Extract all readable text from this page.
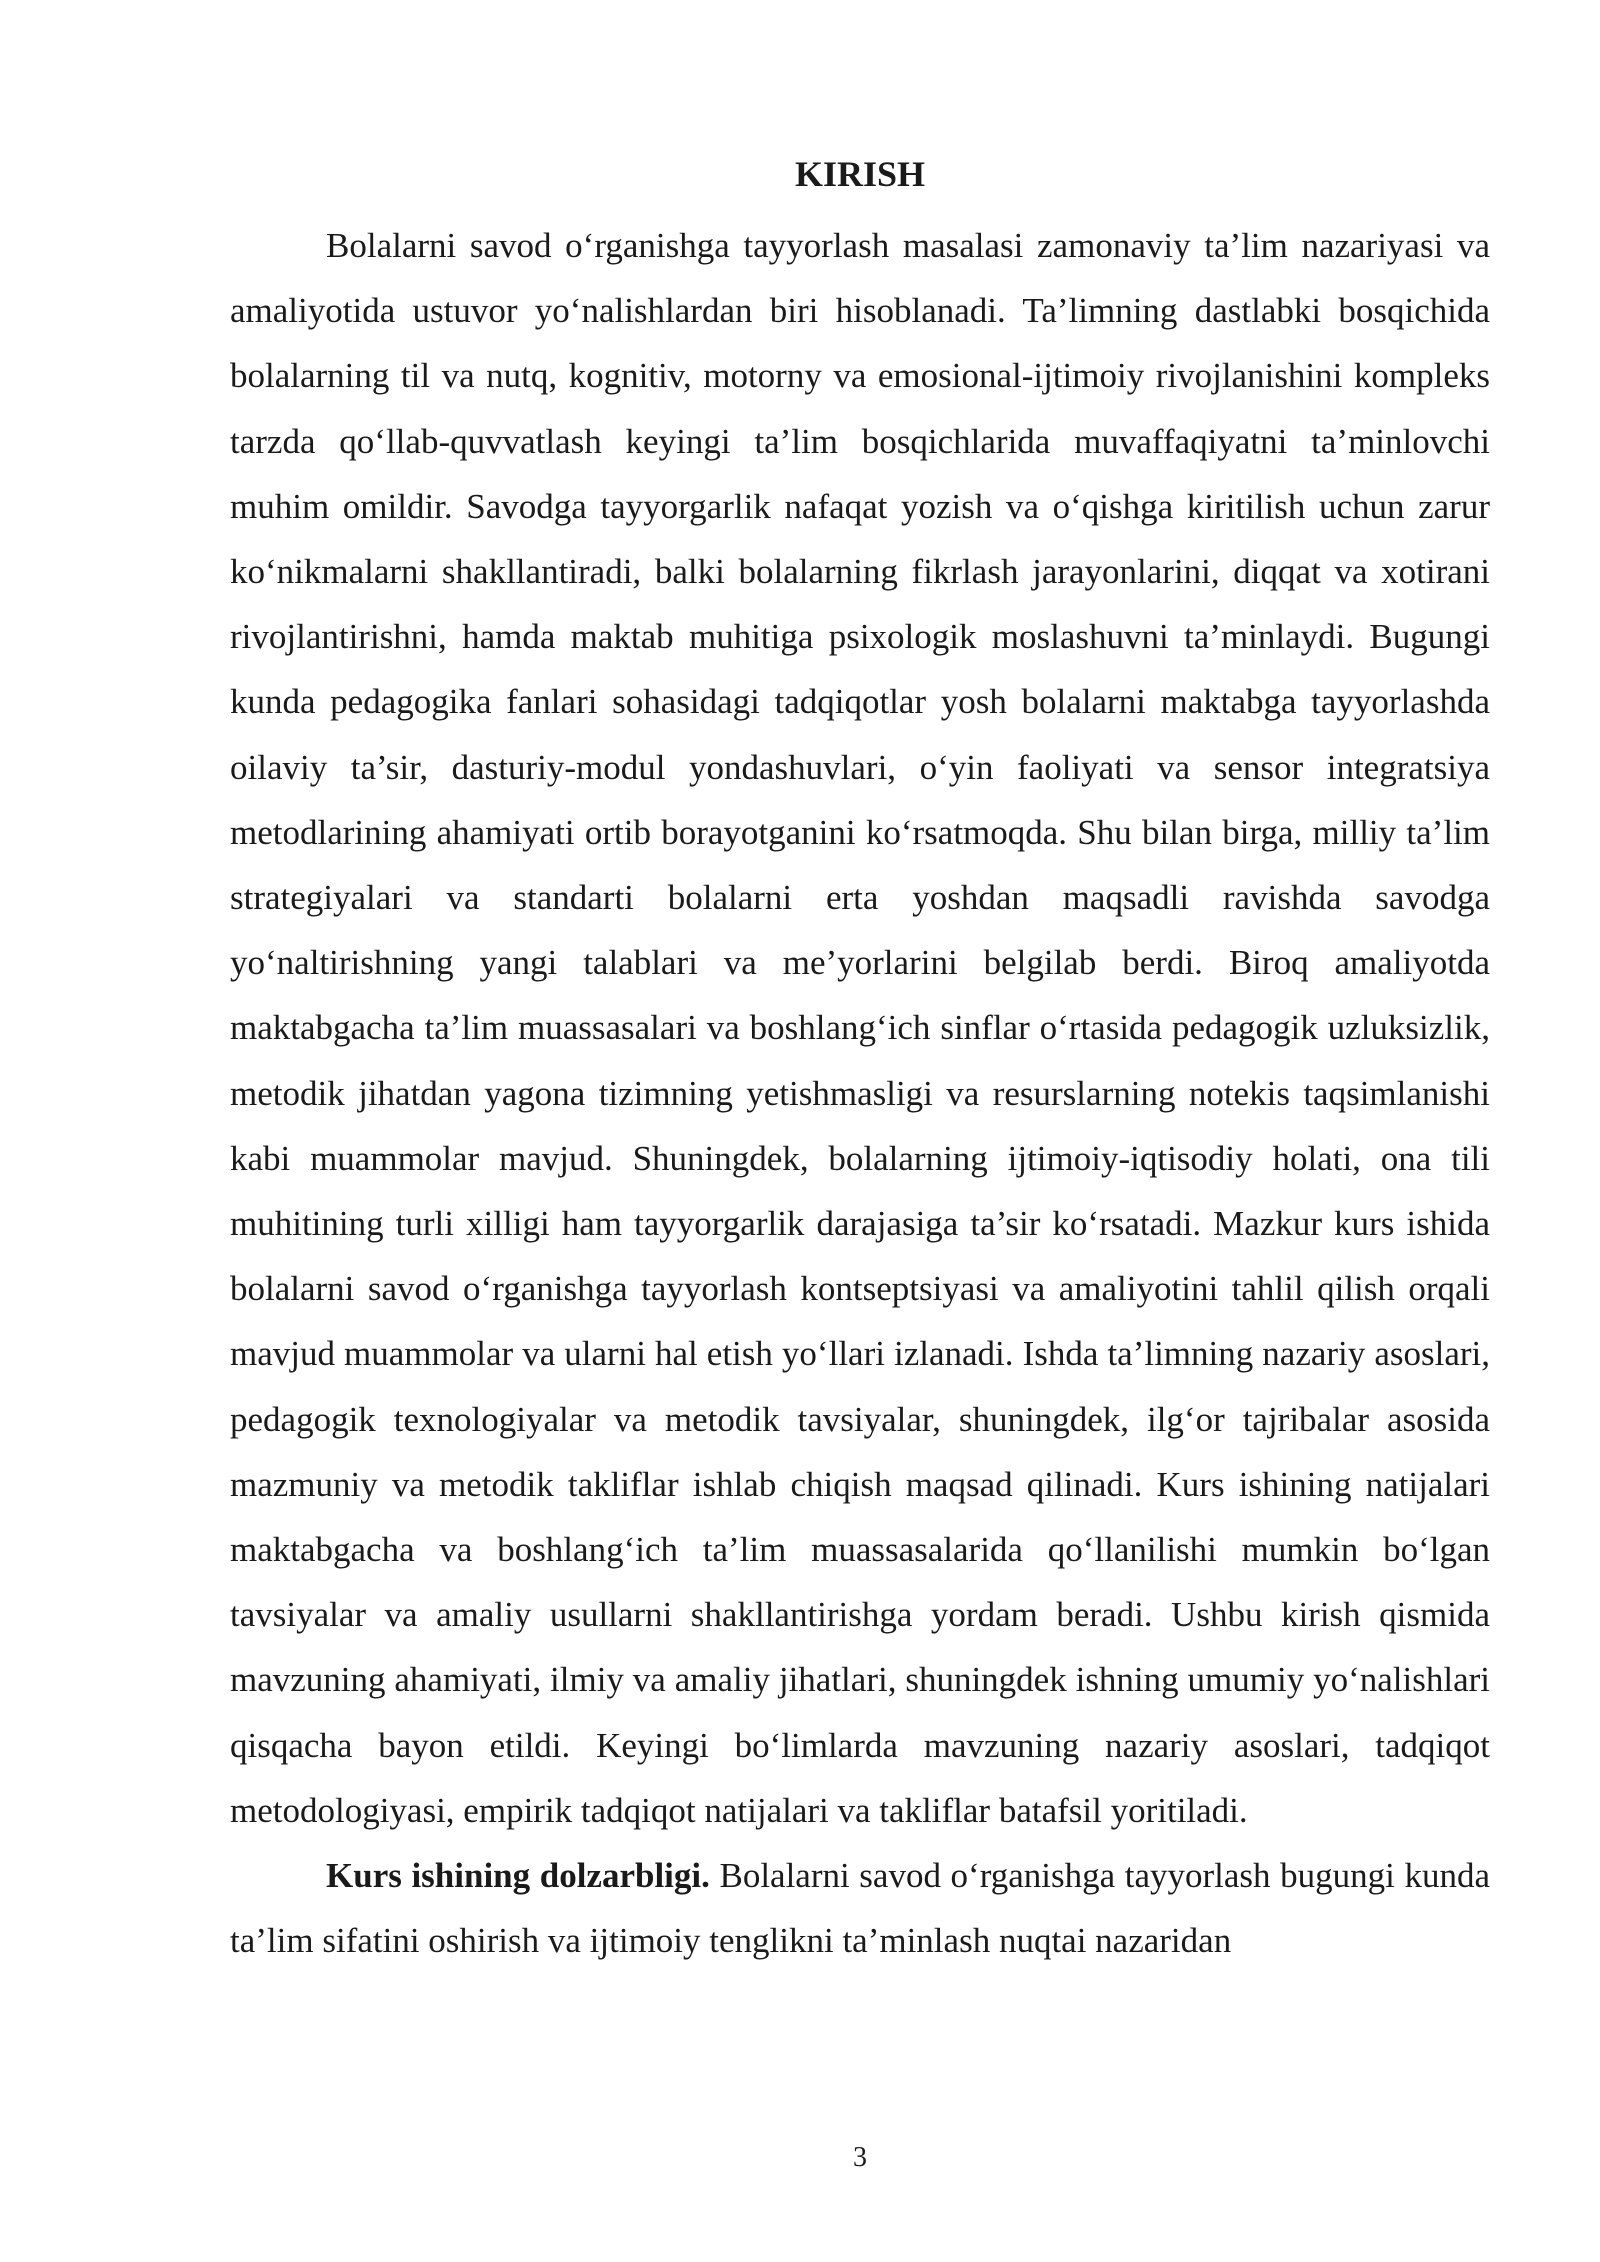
KIRISH

Bolalarni savod o‘rganishga tayyorlash masalasi zamonaviy ta’lim nazariyasi va amaliyotida ustuvor yo‘nalishlardan biri hisoblanadi. Ta’limning dastlabki bosqichida bolalarning til va nutq, kognitiv, motorny va emosional-ijtimoiy rivojlanishini kompleks tarzda qo‘llab-quvvatlash keyingi ta’lim bosqichlarida muvaffaqiyatni ta’minlovchi muhim omildir. Savodga tayyorgarlik nafaqat yozish va o‘qishga kiritilish uchun zarur ko‘nikmalarni shakllantiradi, balki bolalarning fikrlash jarayonlarini, diqqat va xotirani rivojlantirishni, hamda maktab muhitiga psixologik moslashuvni ta’minlaydi. Bugungi kunda pedagogika fanlari sohasidagi tadqiqotlar yosh bolalarni maktabga tayyorlashda oilaviy ta’sir, dasturiy-modul yondashuvlari, o‘yin faoliyati va sensor integratsiya metodlarining ahamiyati ortib borayotganini ko‘rsatmoqda. Shu bilan birga, milliy ta’lim strategiyalari va standarti bolalarni erta yoshdan maqsadli ravishda savodga yo‘naltirishning yangi talablari va me’yorlarini belgilab berdi. Biroq amaliyotda maktabgacha ta’lim muassasalari va boshlang‘ich sinflar o‘rtasida pedagogik uzluksizlik, metodik jihatdan yagona tizimning yetishmasligi va resurslarning notekis taqsimlanishi kabi muammolar mavjud. Shuningdek, bolalarning ijtimoiy-iqtisodiy holati, ona tili muhitining turli xilligi ham tayyorgarlik darajasiga ta’sir ko‘rsatadi. Mazkur kurs ishida bolalarni savod o‘rganishga tayyorlash kontseptsiyasi va amaliyotini tahlil qilish orqali mavjud muammolar va ularni hal etish yo‘llari izlanadi. Ishda ta’limning nazariy asoslari, pedagogik texnologiyalar va metodik tavsiyalar, shuningdek, ilg‘or tajribalar asosida mazmuniy va metodik takliflar ishlab chiqish maqsad qilinadi. Kurs ishining natijalari maktabgacha va boshlang‘ich ta’lim muassasalarida qo‘llanilishi mumkin bo‘lgan tavsiyalar va amaliy usullarni shakllantirishga yordam beradi. Ushbu kirish qismida mavzuning ahamiyati, ilmiy va amaliy jihatlari, shuningdek ishning umumiy yo‘nalishlari qisqacha bayon etildi. Keyingi bo‘limlarda mavzuning nazariy asoslari, tadqiqot metodologiyasi, empirik tadqiqot natijalari va takliflar batafsil yoritiladi.

Kurs ishining dolzarbligi. Bolalarni savod o‘rganishga tayyorlash bugungi kunda ta’lim sifatini oshirish va ijtimoiy tenglikni ta’minlash nuqtai nazaridan

3
